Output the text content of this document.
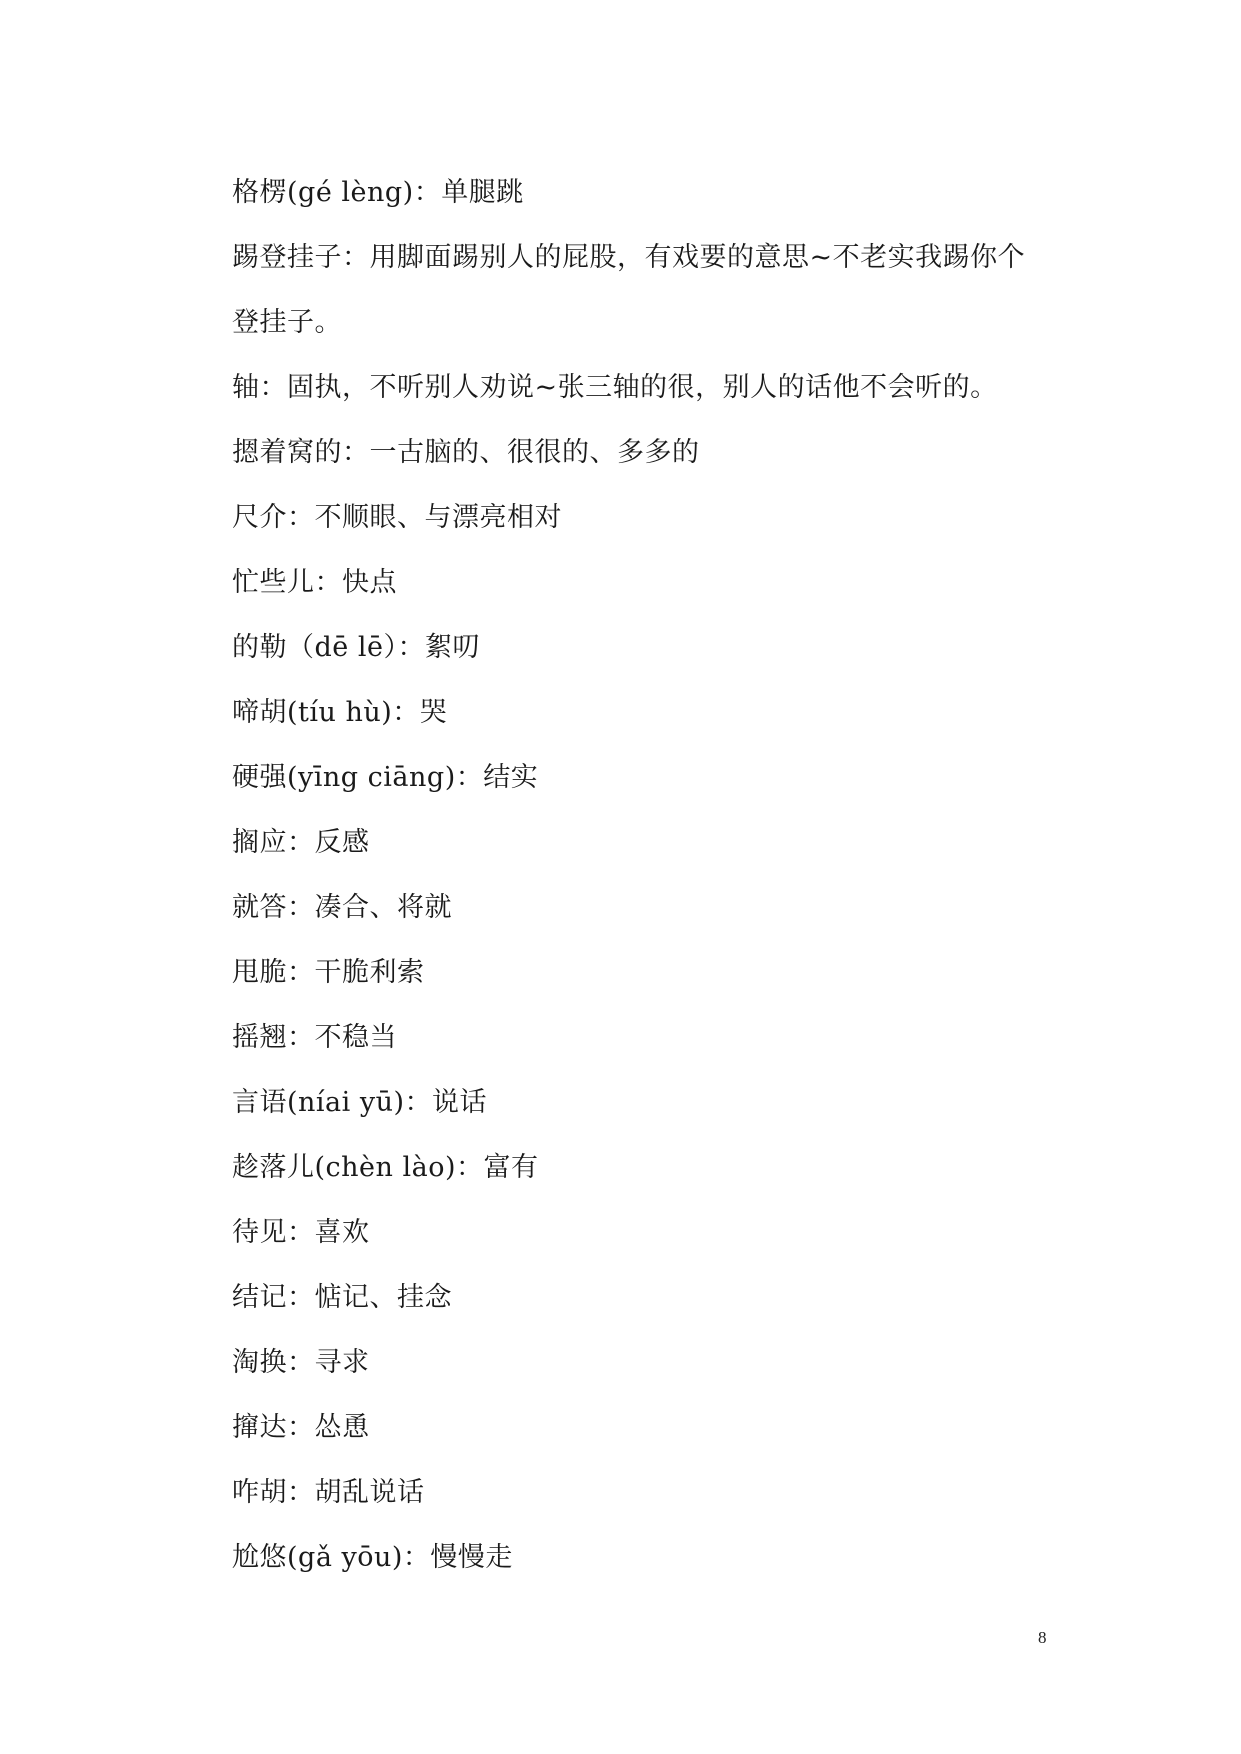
格楞(gé lèng)：单腿跳
踢登挂子：用脚面踢别人的屁股，有戏要的意思~不老实我踢你个
登挂子。
轴：固执，不听别人劝说~张三轴的很，别人的话他不会听的。
摁着窝的：一古脑的、很很的、多多的
尺介：不顺眼、与漂亮相对
忙些儿：快点
的勒（dē lē）：絮叨
啼胡(tíu hù)：哭
硬强(yīng ciāng)：结实
搁应：反感
就答：凑合、将就
甩脆：干脆利索
摇翘：不稳当
言语(níai yū)：说话
趁落儿(chèn lào)：富有
待见：喜欢
结记：惦记、挂念
淘换：寻求
撺达：怂恿
咋胡：胡乱说话
尬悠(gǎ yōu)：慢慢走
8
